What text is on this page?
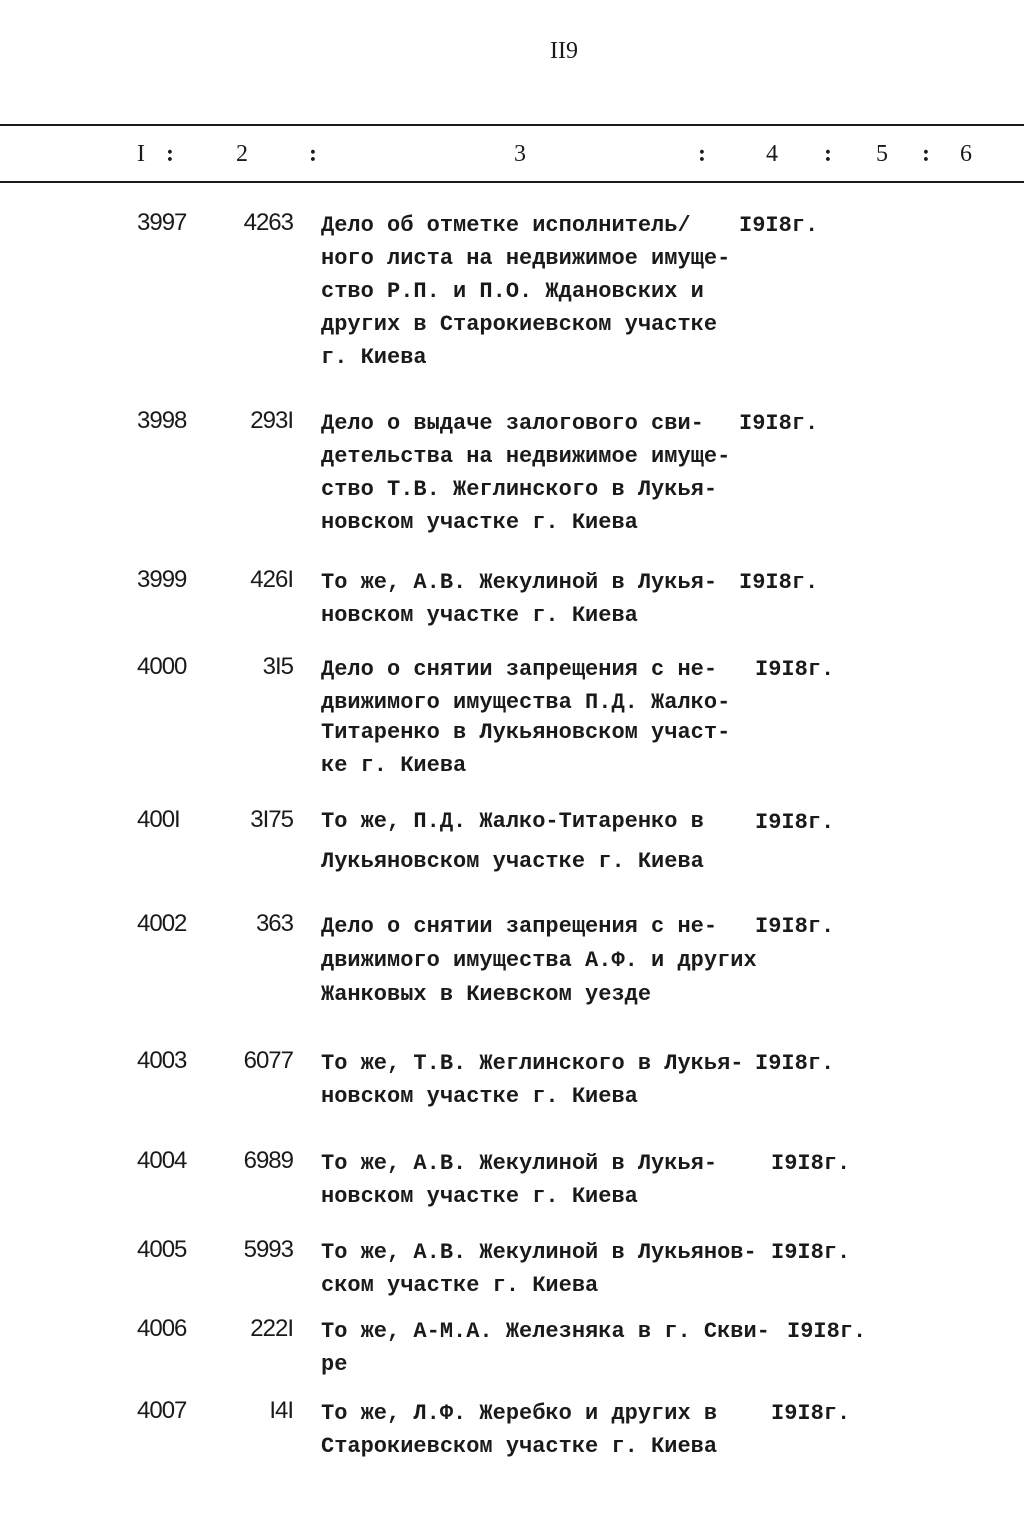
II9
I :	2	:	3	:	4 : 5 : 6
3997	4263 Дело об отметке исполнитель/
ного листа на недвижимое имуще-
ство Р.П. и П.О. Ждановских и
других в Старокиевском участке
г. Киева
I9I8г.
3998	293I Дело о выдаче залогового сви-
детельства на недвижимое имуще-
ство Т.В. Жеглинского в Лукья-
новском участке г. Киева
I9I8г.
3999	426I То же, А.В. Жекулиной в Лукья-
новском участке г. Киева
I9I8г.
4000	3I5 Дело о снятии запрещения с не-
движимого имущества П.Д. Жалко-
Титаренко в Лукьяновском участ-
ке г. Киева
I9I8г.
400I	3I75 То же, П.Д. Жалко-Титаренко в
Лукьяновском участке г. Киева
I9I8г.
4002	363 Дело о снятии запрещения с не-
движимого имущества А.Ф. и других
Жанковых в Киевском уезде
I9I8г.
4003	6077 То же, Т.В. Жеглинского в Лукья-
новском участке г. Киева
I9I8г.
4004	6989 То же, А.В. Жекулиной в Лукья-
новском участке г. Киева
I9I8г.
4005	5993 То же, А.В. Жекулиной в Лукьянов-
ском участке г. Киева
I9I8г.
4006	222I То же, А-М.А. Железняка в г. Скви-
ре
I9I8г.
4007	I4I То же, Л.Ф. Жеребко и других в
Старокиевском участке г. Киева
I9I8г.
